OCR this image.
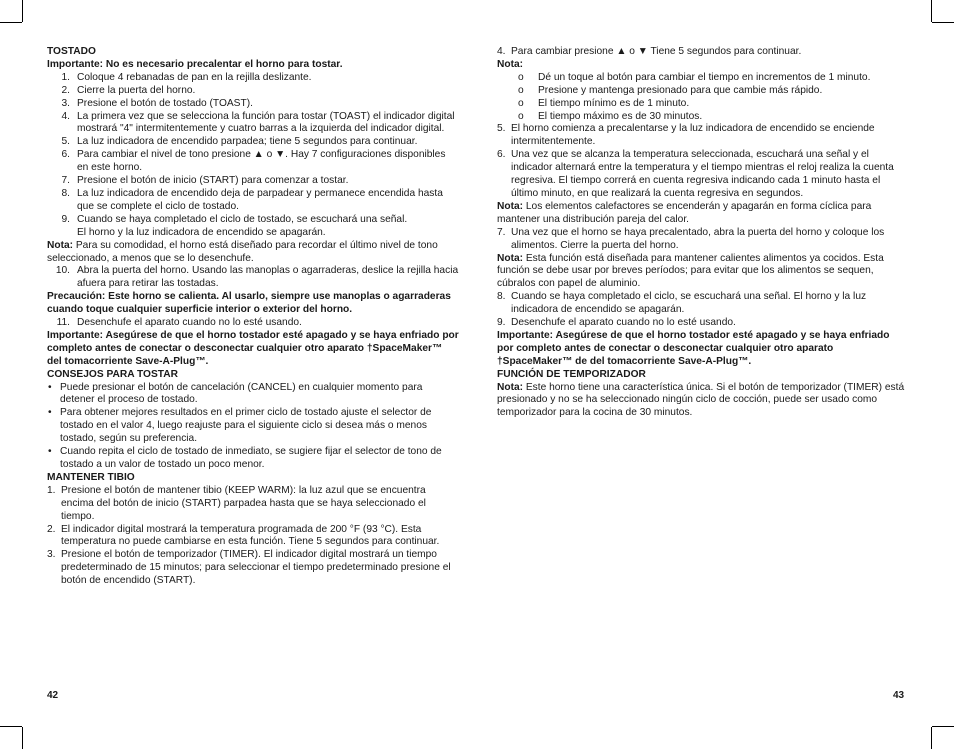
TOSTADO

Importante: No es necesario precalentar el horno para tostar.

1. Coloque 4 rebanadas de pan en la rejilla deslizante.
2. Cierre la puerta del horno.
3. Presione el botón de tostado (TOAST).
4. La primera vez que se selecciona la función para tostar (TOAST) el indicador digital mostrará "4" intermitentemente y cuatro barras a la izquierda del indicador digital.
5. La luz indicadora de encendido parpadea; tiene 5 segundos para continuar.
6. Para cambiar el nivel de tono presione ▲ o ▼. Hay 7 configuraciones disponibles en este horno.
7. Presione el botón de inicio (START) para comenzar a tostar.
8. La luz indicadora de encendido deja de parpadear y permanece encendida hasta que se complete el ciclo de tostado.
9. Cuando se haya completado el ciclo de tostado, se escuchará una señal.
El horno y la luz indicadora de encendido se apagarán.

Nota: Para su comodidad, el horno está diseñado para recordar el último nivel de tono seleccionado, a menos que se lo desenchufe.

10. Abra la puerta del horno. Usando las manoplas o agarraderas, deslice la rejilla hacia afuera para retirar las tostadas.

Precaución: Este horno se calienta. Al usarlo, siempre use manoplas o agarraderas cuando toque cualquier superficie interior o exterior del horno.

11. Desenchufe el aparato cuando no lo esté usando.

Importante: Asegúrese de que el horno tostador esté apagado y se haya enfriado por completo antes de conectar o desconectar cualquier otro aparato †SpaceMaker™ del tomacorriente Save-A-Plug™.

CONSEJOS PARA TOSTAR

• Puede presionar el botón de cancelación (CANCEL) en cualquier momento para detener el proceso de tostado.
• Para obtener mejores resultados en el primer ciclo de tostado ajuste el selector de tostado en el valor 4, luego reajuste para el siguiente ciclo si desea más o menos tostado, según su preferencia.
• Cuando repita el ciclo de tostado de inmediato, se sugiere fijar el selector de tono de tostado a un valor de tostado un poco menor.

MANTENER TIBIO

1. Presione el botón de mantener tibio (KEEP WARM): la luz azul que se encuentra encima del botón de inicio (START) parpadea hasta que se haya seleccionado el tiempo.
2. El indicador digital mostrará la temperatura programada de 200 °F (93 °C). Esta temperatura no puede cambiarse en esta función. Tiene 5 segundos para continuar.
3. Presione el botón de temporizador (TIMER). El indicador digital mostrará un tiempo predeterminado de 15 minutos; para seleccionar el tiempo predeterminado presione el botón de encendido (START).
42
4. Para cambiar presione ▲ o ▼ Tiene 5 segundos para continuar.

Nota:

o Dé un toque al botón para cambiar el tiempo en incrementos de 1 minuto.
o Presione y mantenga presionado para que cambie más rápido.
o El tiempo mínimo es de 1 minuto.
o El tiempo máximo es de 30 minutos.
5. El horno comienza a precalentarse y la luz indicadora de encendido se enciende intermitentemente.
6. Una vez que se alcanza la temperatura seleccionada, escuchará una señal y el indicador alternará entre la temperatura y el tiempo mientras el reloj realiza la cuenta regresiva. El tiempo correrá en cuenta regresiva indicando cada 1 minuto hasta el último minuto, en que realizará la cuenta regresiva en segundos.

Nota: Los elementos calefactores se encenderán y apagarán en forma cíclica para mantener una distribución pareja del calor.

7. Una vez que el horno se haya precalentado, abra la puerta del horno y coloque los alimentos. Cierre la puerta del horno.

Nota: Esta función está diseñada para mantener calientes alimentos ya cocidos. Esta función se debe usar por breves períodos; para evitar que los alimentos se sequen, cúbralos con papel de aluminio.

8. Cuando se haya completado el ciclo, se escuchará una señal. El horno y la luz indicadora de encendido se apagarán.
9. Desenchufe el aparato cuando no lo esté usando.

Importante: Asegúrese de que el horno tostador esté apagado y se haya enfriado por completo antes de conectar o desconectar cualquier otro aparato †SpaceMaker™ de del tomacorriente Save-A-Plug™.

FUNCIÓN DE TEMPORIZADOR

Nota: Este horno tiene una característica única. Si el botón de temporizador (TIMER) está presionado y no se ha seleccionado ningún ciclo de cocción, puede ser usado como temporizador para la cocina de 30 minutos.

43
